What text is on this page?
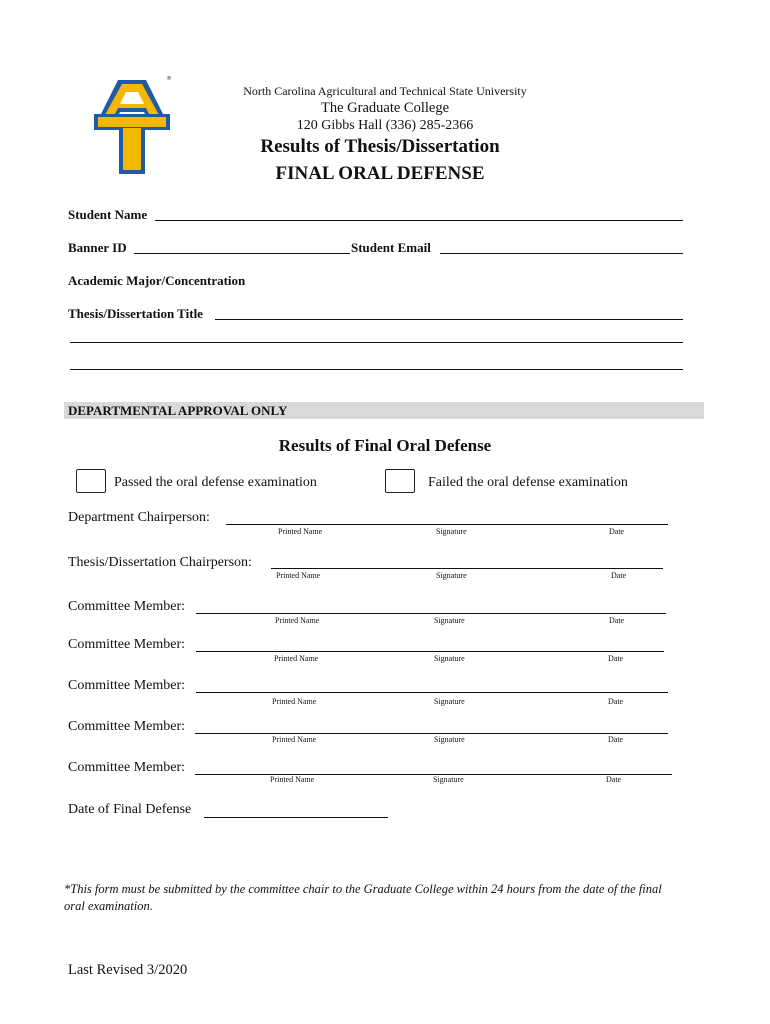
®
North Carolina Agricultural and Technical State University
The Graduate College
120 Gibbs Hall (336) 285-2366
Results of Thesis/Dissertation
FINAL ORAL DEFENSE
Student Name
Banner ID	Student Email
Academic Major/Concentration
Thesis/Dissertation Title
DEPARTMENTAL APPROVAL ONLY
Results of Final Oral Defense
Passed the oral defense examination	Failed the oral defense examination
Department Chairperson:
Printed Name	Signature	Date
Thesis/Dissertation Chairperson:
Printed Name	Signature	Date
Committee Member:
Printed Name	Signature	Date
Committee Member:
Printed Name	Signature	Date
Committee Member:
Printed Name	Signature	Date
Committee Member:
Printed Name	Signature	Date
Committee Member:
Printed Name	Signature	Date
Date of Final Defense
*This form must be submitted by the committee chair to the Graduate College within 24 hours from the date of the final oral examination.
Last Revised 3/2020
